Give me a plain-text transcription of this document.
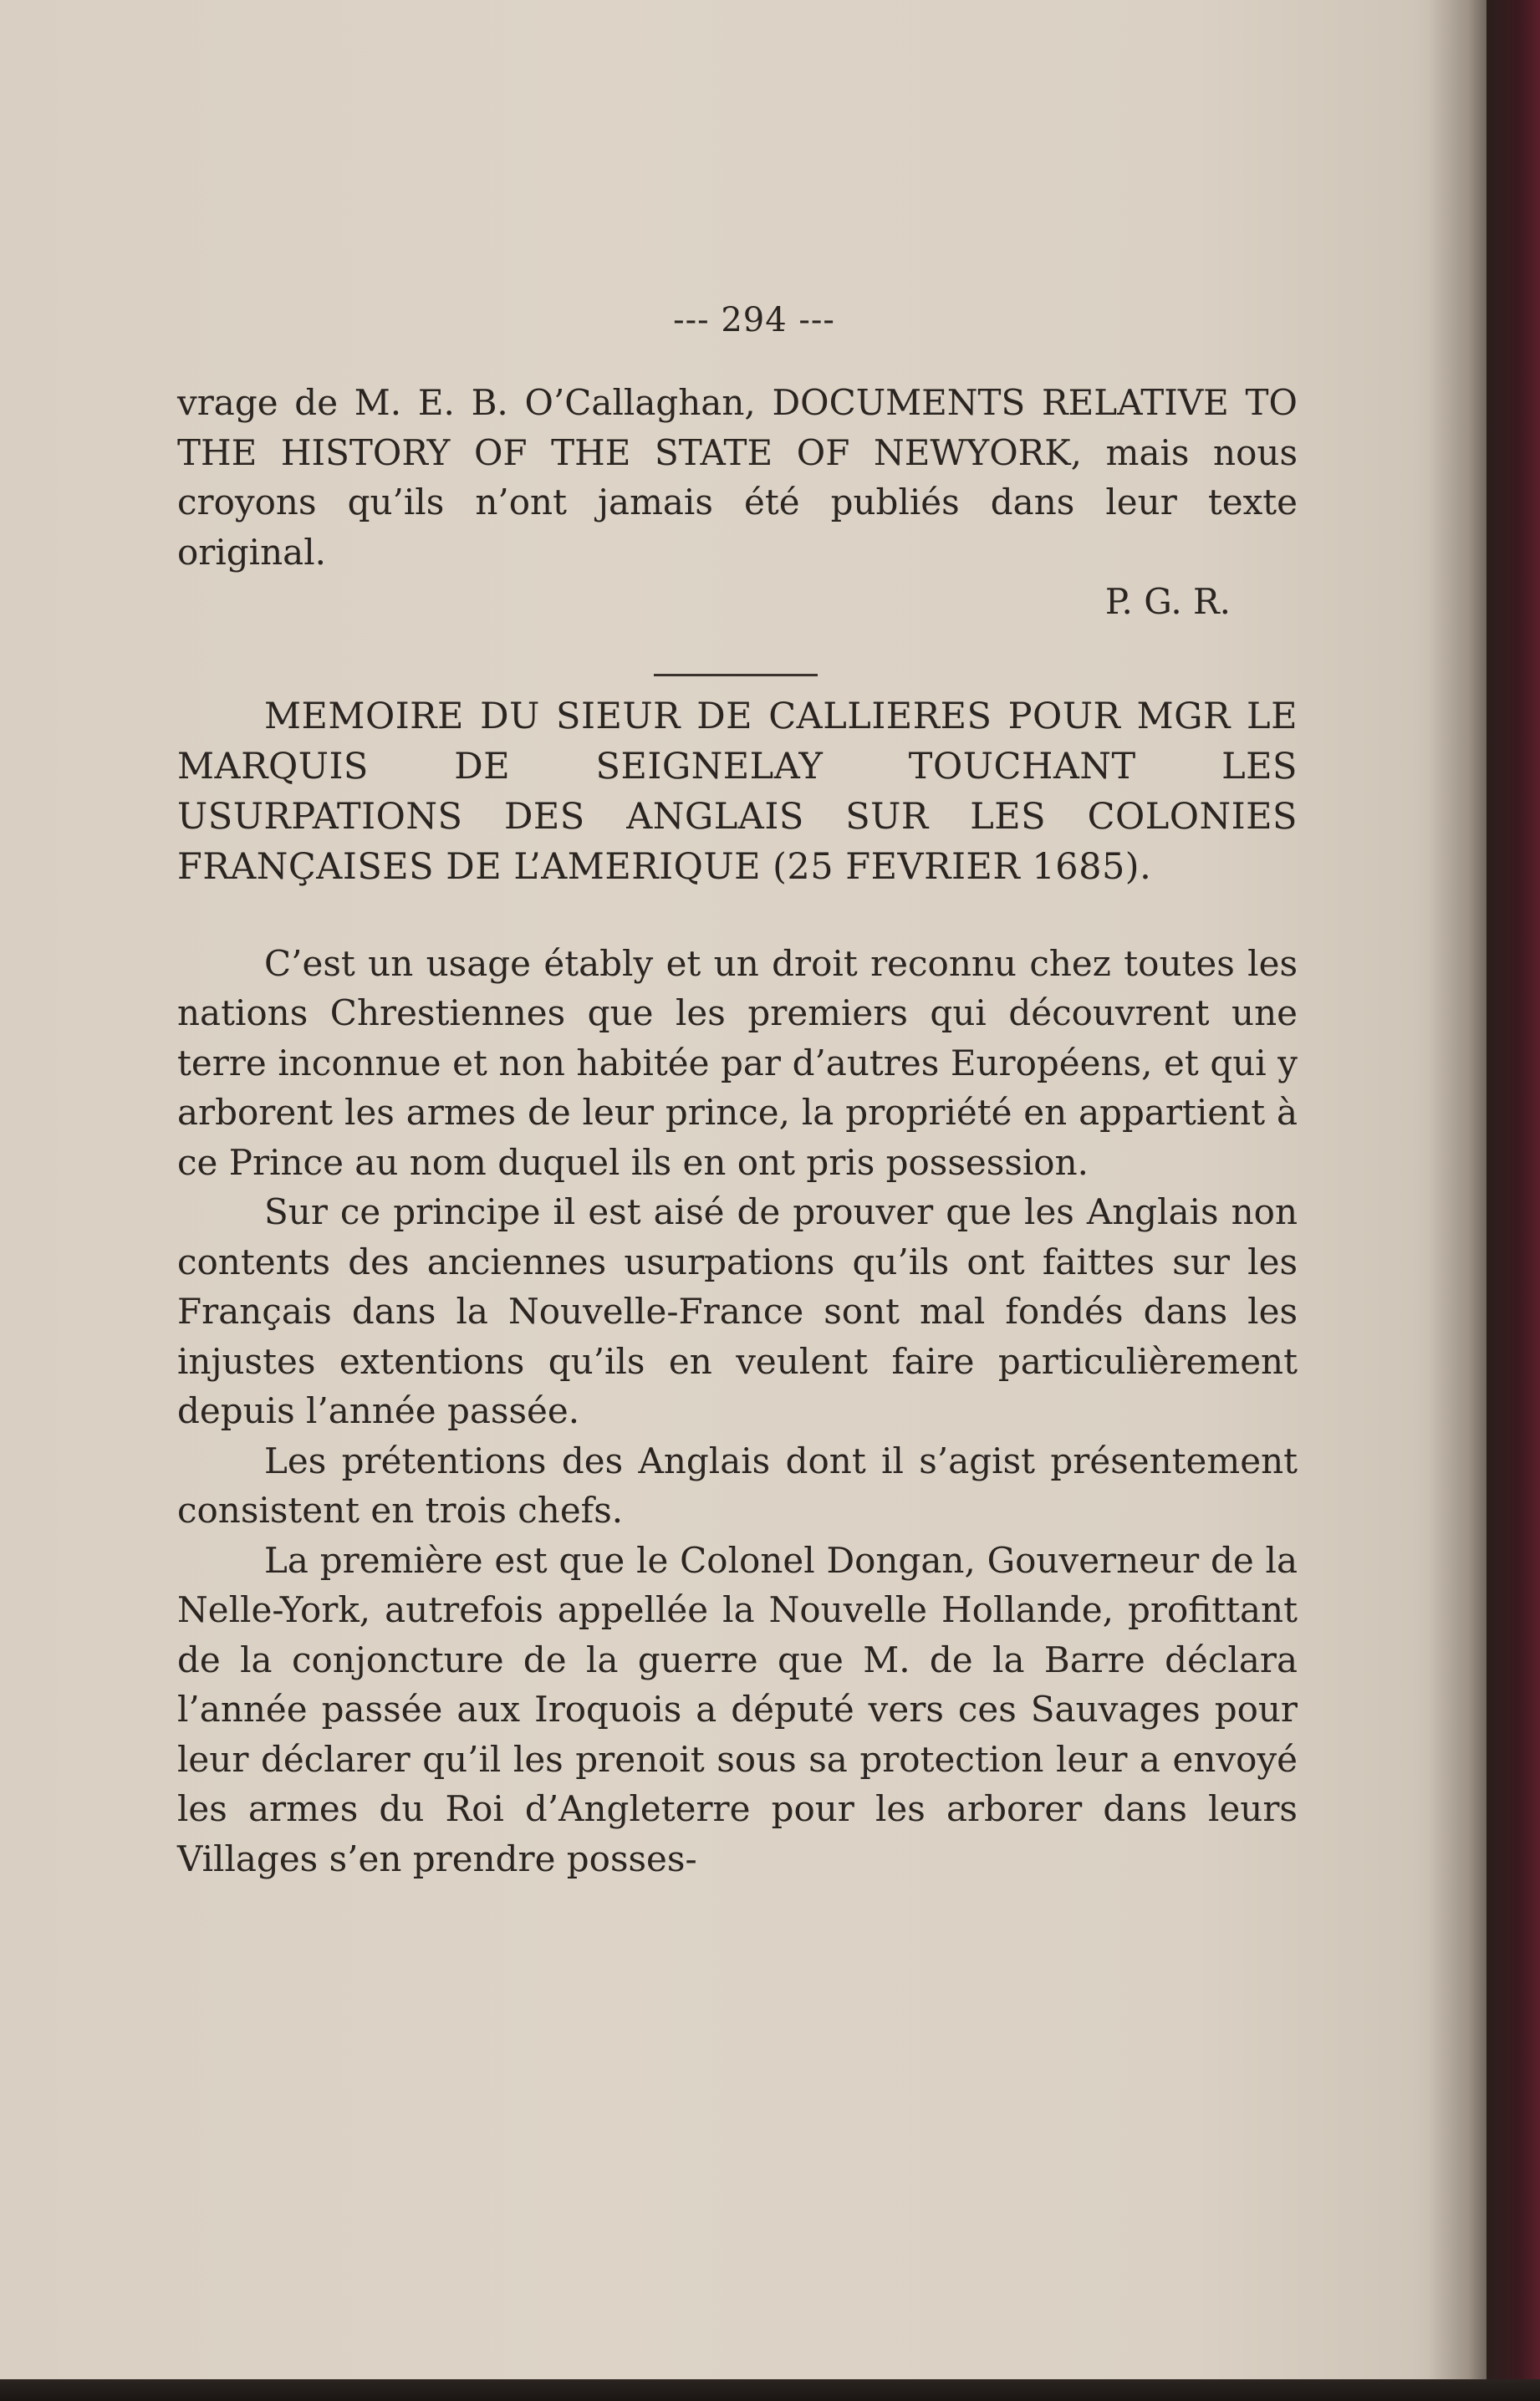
--- 294 ---

vrage de M. E. B. O’Callaghan, DOCUMENTS RELATIVE TO THE HISTORY OF THE STATE OF NEWYORK, mais nous croyons qu’ils n’ont jamais été publiés dans leur texte original.

P. G. R.

MEMOIRE DU SIEUR DE CALLIERES POUR MGR LE MARQUIS DE SEIGNELAY TOUCHANT LES USURPATIONS DES ANGLAIS SUR LES COLONIES FRANÇAISES DE L’AMERIQUE (25 FEVRIER 1685).

C’est un usage étably et un droit reconnu chez toutes les nations Chrestiennes que les premiers qui découvrent une terre inconnue et non habitée par d’autres Européens, et qui y arborent les armes de leur prince, la propriété en appartient à ce Prince au nom duquel ils en ont pris possession.

Sur ce principe il est aisé de prouver que les Anglais non contents des anciennes usurpations qu’ils ont faittes sur les Français dans la Nouvelle-France sont mal fondés dans les injustes extentions qu’ils en veulent faire particulièrement depuis l’année passée.

Les prétentions des Anglais dont il s’agist présentement consistent en trois chefs.

La première est que le Colonel Dongan, Gouverneur de la Nelle-York, autrefois appellée la Nouvelle Hollande, profittant de la conjoncture de la guerre que M. de la Barre déclara l’année passée aux Iroquois a député vers ces Sauvages pour leur déclarer qu’il les prenoit sous sa protection leur a envoyé les armes du Roi d’Angleterre pour les arborer dans leurs Villages s’en prendre posses-
